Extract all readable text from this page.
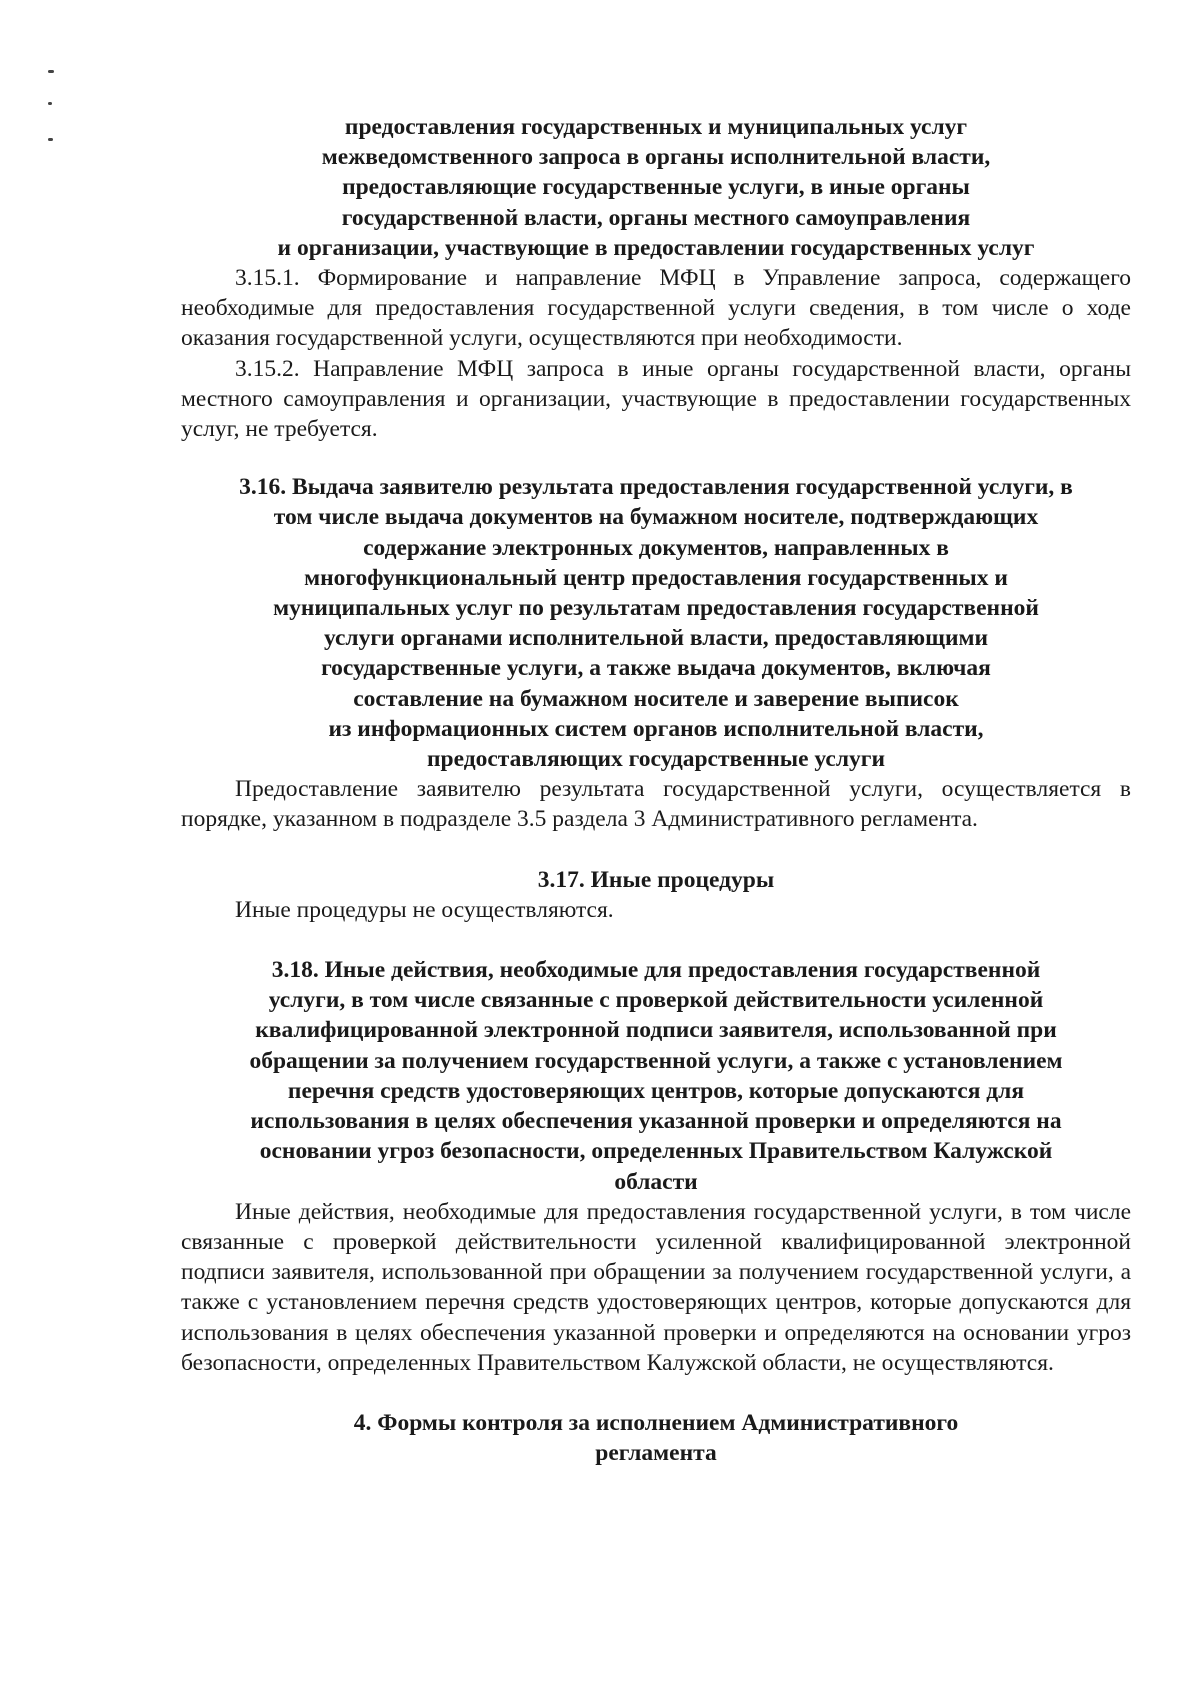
предоставления государственных и муниципальных услуг
межведомственного запроса в органы исполнительной власти,
предоставляющие государственные услуги, в иные органы
государственной власти, органы местного самоуправления
и организации, участвующие в предоставлении государственных услуг

3.15.1. Формирование и направление МФЦ в Управление запроса, содержащего необходимые для предоставления государственной услуги сведения, в том числе о ходе оказания государственной услуги, осуществляются при необходимости.

3.15.2. Направление МФЦ запроса в иные органы государственной власти, органы местного самоуправления и организации, участвующие в предоставлении государственных услуг, не требуется.

3.16. Выдача заявителю результата предоставления государственной услуги, в
том числе выдача документов на бумажном носителе, подтверждающих
содержание электронных документов, направленных в
многофункциональный центр предоставления государственных и
муниципальных услуг по результатам предоставления государственной
услуги органами исполнительной власти, предоставляющими
государственные услуги, а также выдача документов, включая
составление на бумажном носителе и заверение выписок
из информационных систем органов исполнительной власти,
предоставляющих государственные услуги

Предоставление заявителю результата государственной услуги, осуществляется в порядке, указанном в подразделе 3.5 раздела 3 Административного регламента.

3.17. Иные процедуры

Иные процедуры не осуществляются.

3.18. Иные действия, необходимые для предоставления государственной
услуги, в том числе связанные с проверкой действительности усиленной
квалифицированной электронной подписи заявителя, использованной при
обращении за получением государственной услуги, а также с установлением
перечня средств удостоверяющих центров, которые допускаются для
использования в целях обеспечения указанной проверки и определяются на
основании угроз безопасности, определенных Правительством Калужской
области

Иные действия, необходимые для предоставления государственной услуги, в том числе связанные с проверкой действительности усиленной квалифицированной электронной подписи заявителя, использованной при обращении за получением государственной услуги, а также с установлением перечня средств удостоверяющих центров, которые допускаются для использования в целях обеспечения указанной проверки и определяются на основании угроз безопасности, определенных Правительством Калужской области, не осуществляются.

4. Формы контроля за исполнением Административного
регламента
